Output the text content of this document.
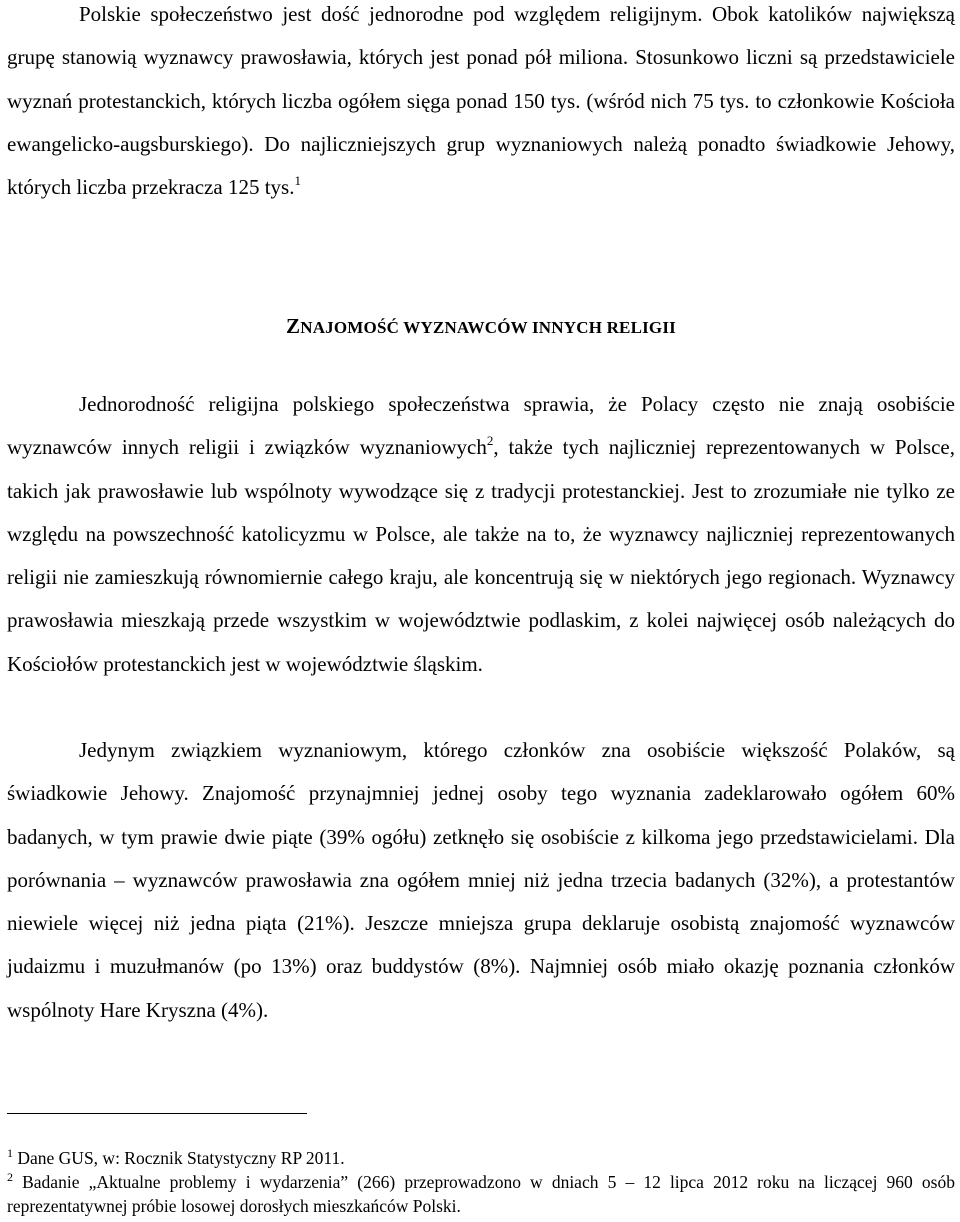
Polskie społeczeństwo jest dość jednorodne pod względem religijnym. Obok katolików największą grupę stanowią wyznawcy prawosławia, których jest ponad pół miliona. Stosunkowo liczni są przedstawiciele wyznań protestanckich, których liczba ogółem sięga ponad 150 tys. (wśród nich 75 tys. to członkowie Kościoła ewangelicko-augsburskiego). Do najliczniejszych grup wyznaniowych należą ponadto świadkowie Jehowy, których liczba przekracza 125 tys.$^1$

ZNAJOMOŚĆ WYZNAWCÓW INNYCH RELIGII

Jednorodność religijna polskiego społeczeństwa sprawia, że Polacy często nie znają osobiście wyznawców innych religii i związków wyznaniowych$^2$, także tych najliczniej reprezentowanych w Polsce, takich jak prawosławie lub wspólnoty wywodzące się z tradycji protestanckiej. Jest to zrozumiałe nie tylko ze względu na powszechność katolicyzmu w Polsce, ale także na to, że wyznawcy najliczniej reprezentowanych religii nie zamieszkują równomiernie całego kraju, ale koncentrują się w niektórych jego regionach. Wyznawcy prawosławia mieszkają przede wszystkim w województwie podlaskim, z kolei najwięcej osób należących do Kościołów protestanckich jest w województwie śląskim.

Jedynym związkiem wyznaniowym, którego członków zna osobiście większość Polaków, są świadkowie Jehowy. Znajomość przynajmniej jednej osoby tego wyznania zadeklarowało ogółem 60% badanych, w tym prawie dwie piąte (39% ogółu) zetknęło się osobiście z kilkoma jego przedstawicielami. Dla porównania – wyznawców prawosławia zna ogółem mniej niż jedna trzecia badanych (32%), a protestantów niewiele więcej niż jedna piąta (21%). Jeszcze mniejsza grupa deklaruje osobistą znajomość wyznawców judaizmu i muzułmanów (po 13%) oraz buddystów (8%). Najmniej osób miało okazję poznania członków wspólnoty Hare Kryszna (4%).

$^1$ Dane GUS, w: Rocznik Statystyczny RP 2011.

$^2$ Badanie „Aktualne problemy i wydarzenia” (266) przeprowadzono w dniach 5 – 12 lipca 2012 roku na liczącej 960 osób reprezentatywnej próbie losowej dorosłych mieszkańców Polski.
